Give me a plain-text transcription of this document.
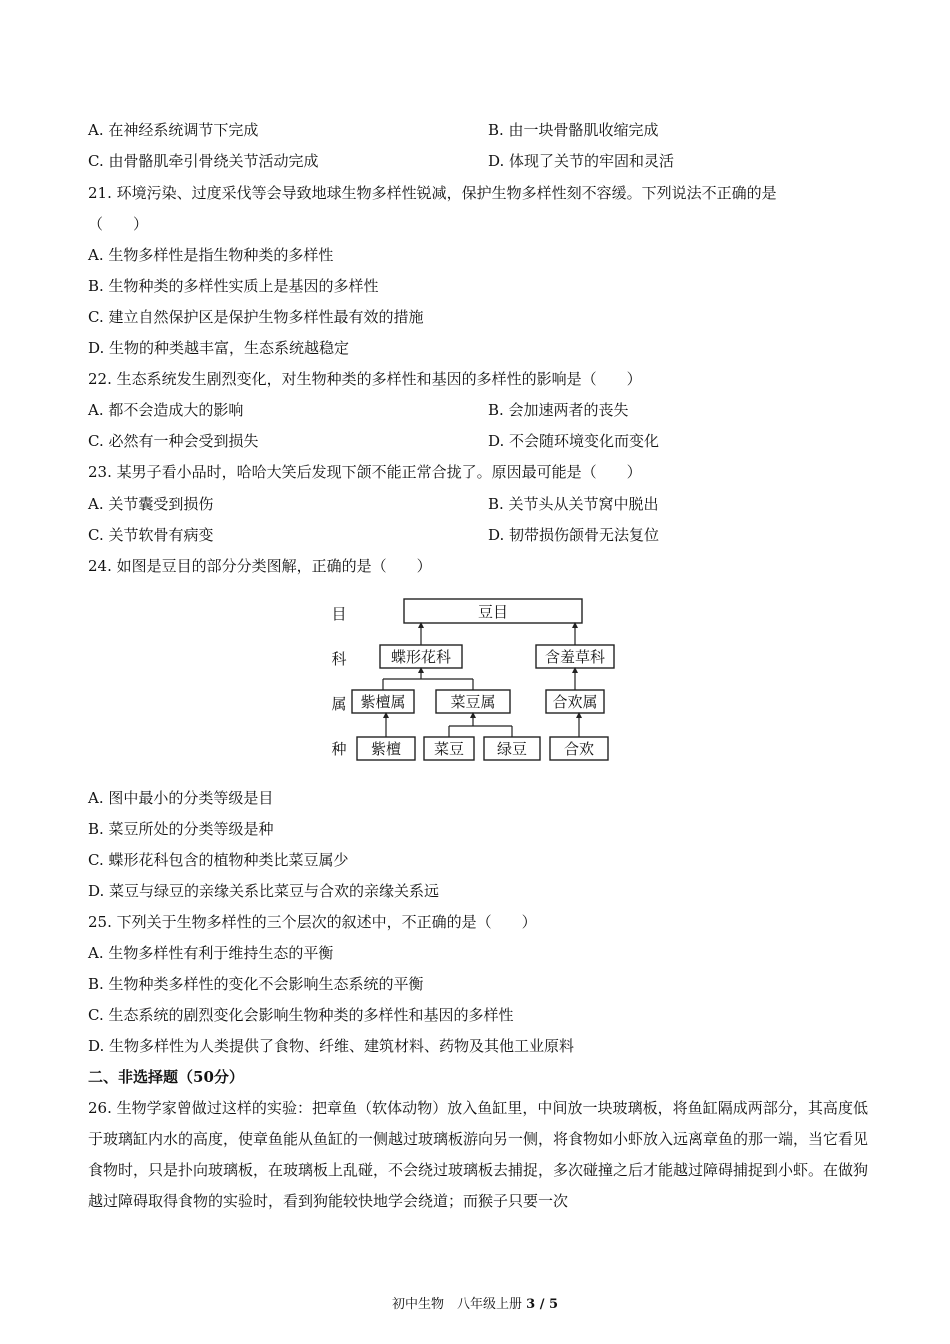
A. 在神经系统调节下完成	B. 由一块骨骼肌收缩完成
C. 由骨骼肌牵引骨绕关节活动完成	D. 体现了关节的牢固和灵活
21. 环境污染、过度采伐等会导致地球生物多样性锐减，保护生物多样性刻不容缓。下列说法不正确的是
（　　）
A. 生物多样性是指生物种类的多样性
B. 生物种类的多样性实质上是基因的多样性
C. 建立自然保护区是保护生物多样性最有效的措施
D. 生物的种类越丰富，生态系统越稳定
22. 生态系统发生剧烈变化，对生物种类的多样性和基因的多样性的影响是（　　）
A. 都不会造成大的影响	B. 会加速两者的丧失
C. 必然有一种会受到损失	D. 不会随环境变化而变化
23. 某男子看小品时，哈哈大笑后发现下颌不能正常合拢了。原因最可能是（　　）
A. 关节囊受到损伤	B. 关节头从关节窝中脱出
C. 关节软骨有病变	D. 韧带损伤颌骨无法复位
24. 如图是豆目的部分分类图解，正确的是（　　）
目
科
属
种
豆目
蝶形花科	含羞草科
紫檀属	菜豆属	合欢属
紫檀 菜豆 绿豆 合欢
A. 图中最小的分类等级是目
B. 菜豆所处的分类等级是种
C. 蝶形花科包含的植物种类比菜豆属少
D. 菜豆与绿豆的亲缘关系比菜豆与合欢的亲缘关系远
25. 下列关于生物多样性的三个层次的叙述中，不正确的是（　　）
A. 生物多样性有利于维持生态的平衡
B. 生物种类多样性的变化不会影响生态系统的平衡
C. 生态系统的剧烈变化会影响生物种类的多样性和基因的多样性
D. 生物多样性为人类提供了食物、纤维、建筑材料、药物及其他工业原料
二、非选择题（50分）
26. 生物学家曾做过这样的实验：把章鱼（软体动物）放入鱼缸里，中间放一块玻璃板，将鱼缸隔成两部分，其高度低于玻璃缸内水的高度，使章鱼能从鱼缸的一侧越过玻璃板游向另一侧，将食物如小虾放入远离章鱼的那一端，当它看见食物时，只是扑向玻璃板，在玻璃板上乱碰，不会绕过玻璃板去捕捉，多次碰撞之后才能越过障碍捕捉到小虾。在做狗越过障碍取得食物的实验时，看到狗能较快地学会绕道；而猴子只要一次
初中生物　八年级上册 3 / 5
